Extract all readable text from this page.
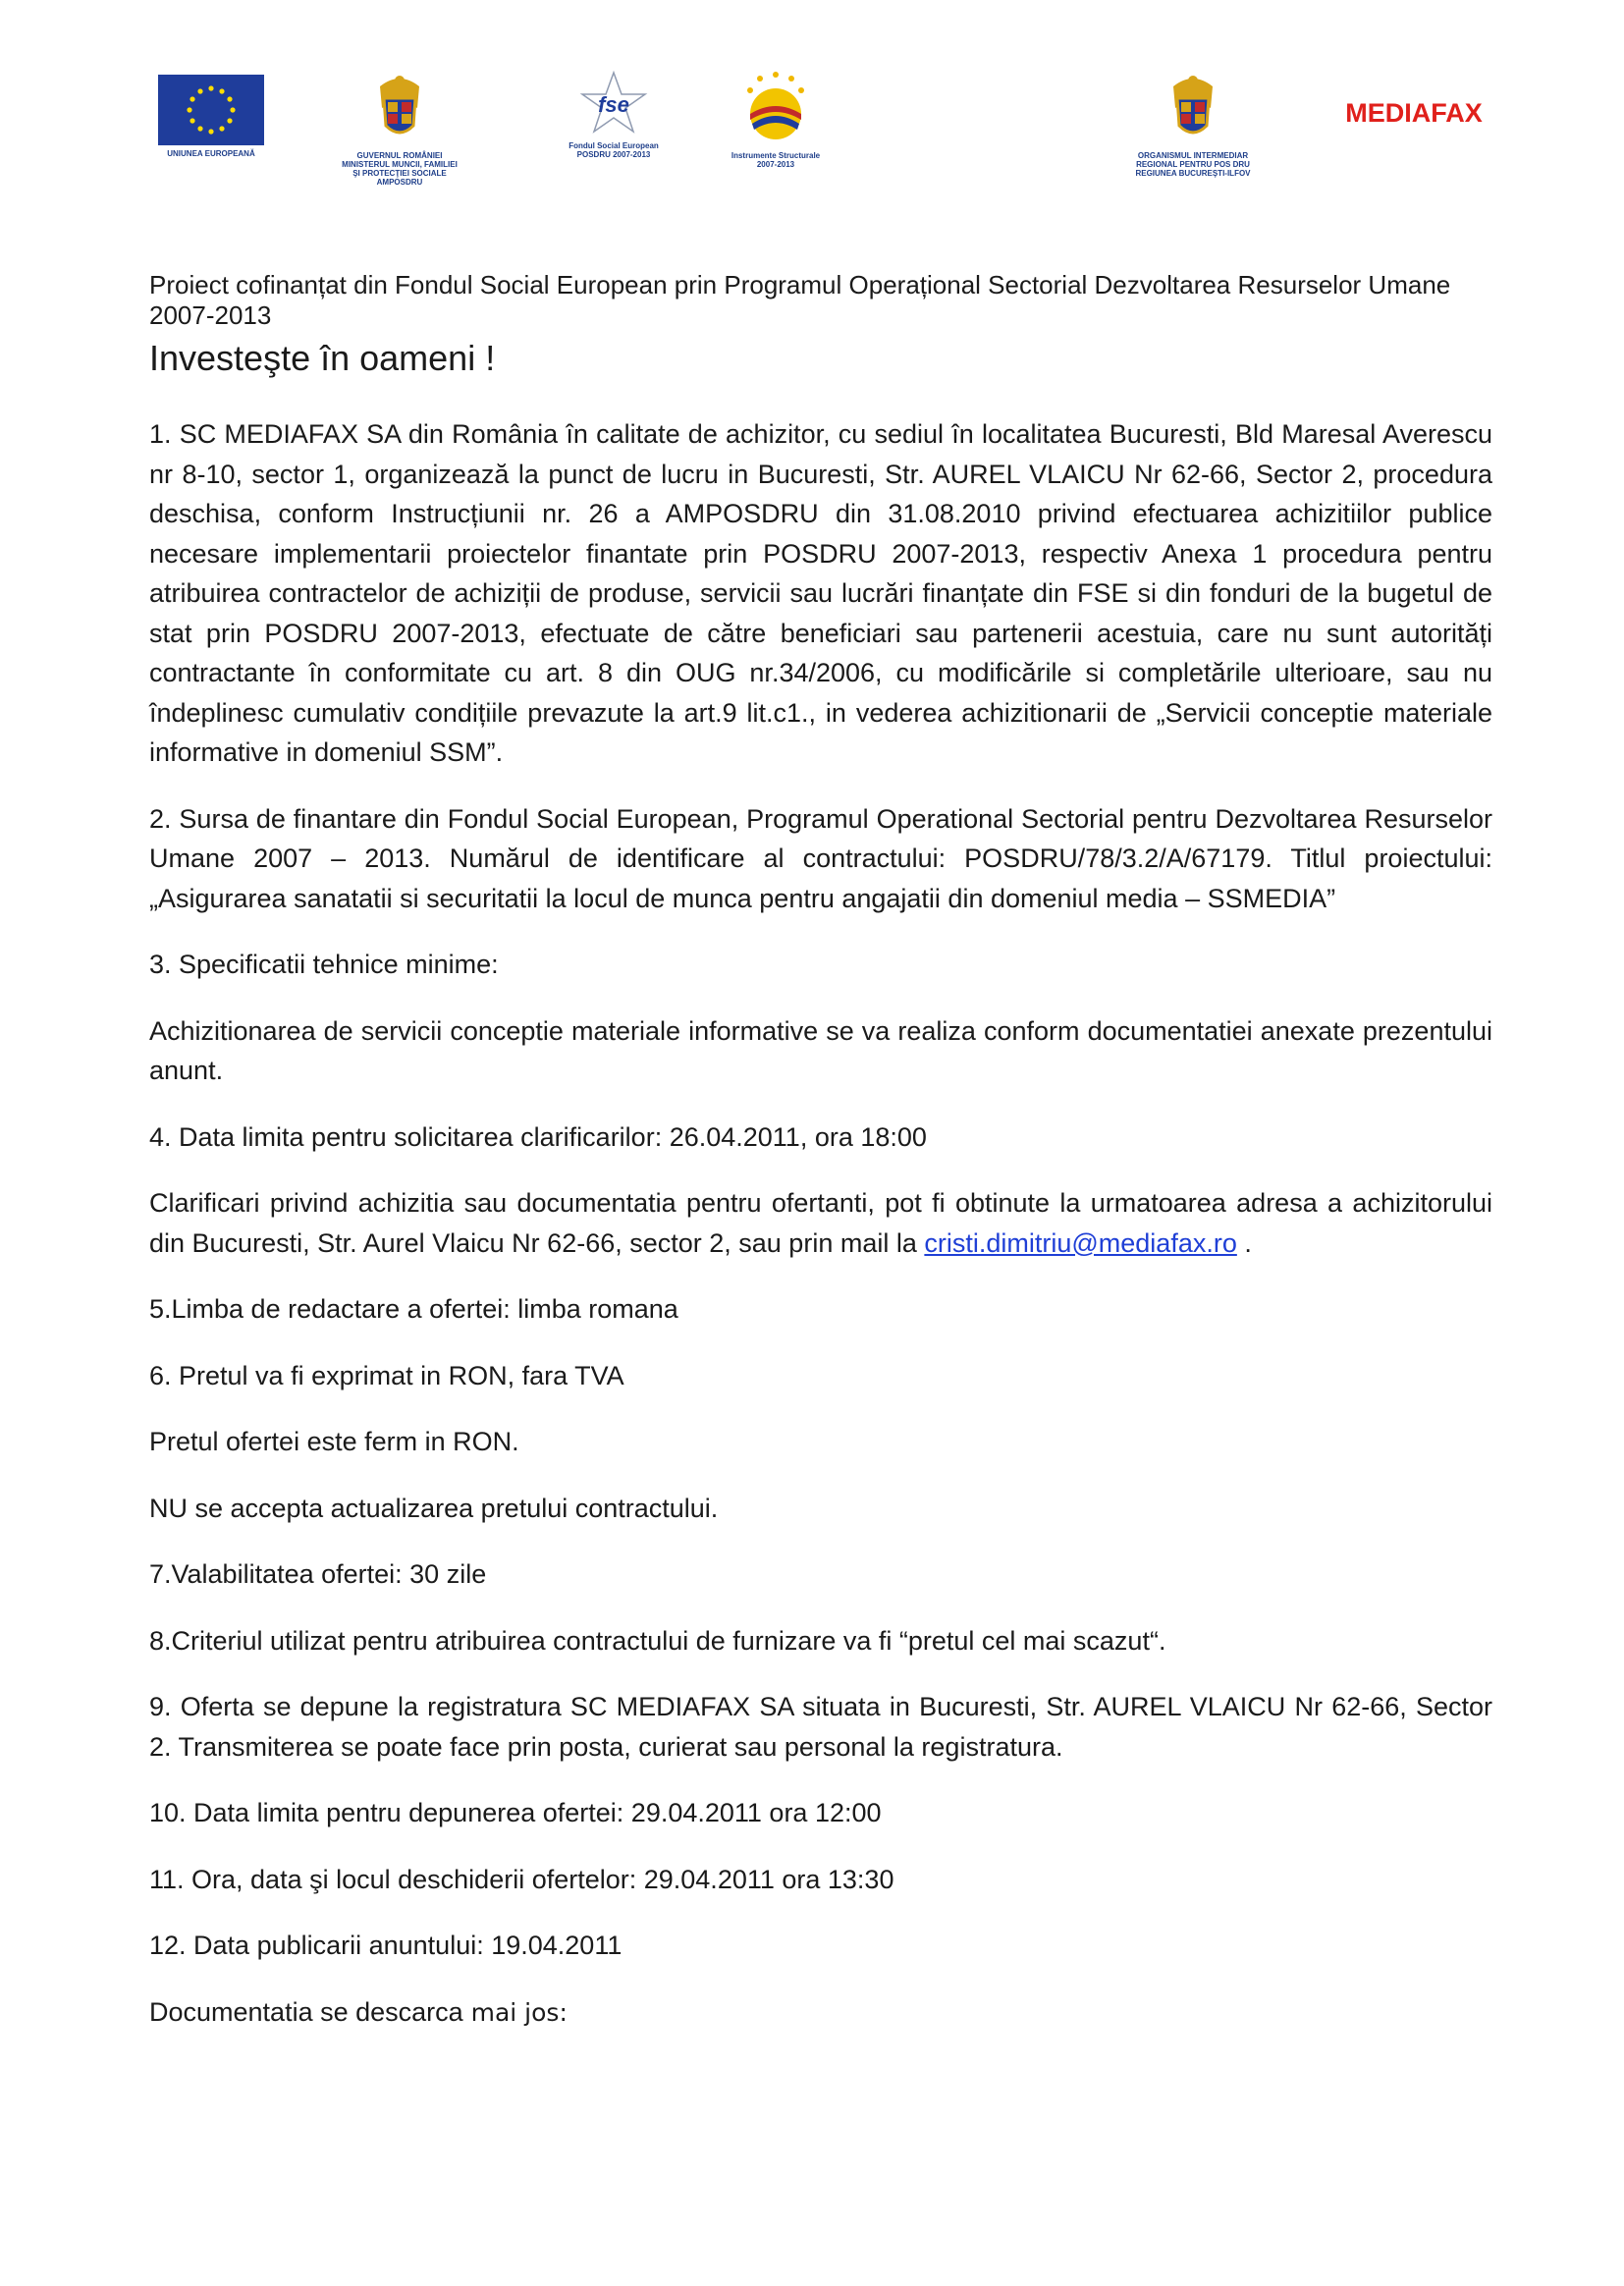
UNIUNEA EUROPEANĂ	GUVERNUL ROMÂNIEI
MINISTERUL MUNCII, FAMILIEI
ŞI PROTECŢIEI SOCIALE
AMPOSDRU
fse
Fondul Social European
POSDRU 2007-2013	Instrumente Structurale
2007-2013
ORGANISMUL INTERMEDIAR
REGIONAL PENTRU POS DRU
REGIUNEA BUCUREŞTI-ILFOV
MEDIAFAX
Proiect cofinanțat din Fondul Social European prin Programul Operațional Sectorial Dezvoltarea Resurselor Umane 2007-2013
Investeşte în oameni !

1. SC MEDIAFAX SA din România în calitate de achizitor, cu sediul în localitatea Bucuresti, Bld Maresal Averescu nr 8-10, sector 1, organizează la punct de lucru in Bucuresti, Str. AUREL VLAICU Nr 62-66, Sector 2, procedura deschisa, conform Instrucțiunii nr. 26 a AMPOSDRU din 31.08.2010 privind efectuarea achizitiilor publice necesare implementarii proiectelor finantate prin POSDRU 2007-2013, respectiv Anexa 1 procedura pentru atribuirea contractelor de achiziții de produse, servicii sau lucrări finanțate din FSE si din fonduri de la bugetul de stat prin POSDRU 2007-2013, efectuate de către beneficiari sau partenerii acestuia, care nu sunt autorități contractante în conformitate cu art. 8 din OUG nr.34/2006, cu modificările si completările ulterioare, sau nu îndeplinesc cumulativ condițiile prevazute la art.9 lit.c1., in vederea achizitionarii de „Servicii conceptie materiale informative in domeniul SSM”.

2. Sursa de finantare din Fondul Social European, Programul Operational Sectorial pentru Dezvoltarea Resurselor Umane 2007 – 2013. Numărul de identificare al contractului: POSDRU/78/3.2/A/67179. Titlul proiectului: „Asigurarea sanatatii si securitatii la locul de munca pentru angajatii din domeniul media – SSMEDIA”

3. Specificatii tehnice minime:

Achizitionarea de servicii conceptie materiale informative se va realiza conform documentatiei anexate prezentului anunt.

4. Data limita pentru solicitarea clarificarilor: 26.04.2011, ora 18:00

Clarificari privind achizitia sau documentatia pentru ofertanti, pot fi obtinute la urmatoarea adresa a achizitorului din Bucuresti, Str. Aurel Vlaicu Nr 62-66, sector 2, sau prin mail la cristi.dimitriu@mediafax.ro .

5.Limba de redactare a ofertei: limba romana

6. Pretul va fi exprimat in RON, fara TVA

Pretul ofertei este ferm in RON.

NU se accepta actualizarea pretului contractului.

7.Valabilitatea ofertei: 30 zile

8.Criteriul utilizat pentru atribuirea contractului de furnizare va fi “pretul cel mai scazut“.

9. Oferta se depune la registratura SC MEDIAFAX SA situata in Bucuresti, Str. AUREL VLAICU Nr 62-66, Sector 2. Transmiterea se poate face prin posta, curierat sau personal la registratura.

10. Data limita pentru depunerea ofertei: 29.04.2011 ora 12:00

11. Ora, data şi locul deschiderii ofertelor: 29.04.2011 ora 13:30

12. Data publicarii anuntului: 19.04.2011

Documentatia se descarca mai jos:
